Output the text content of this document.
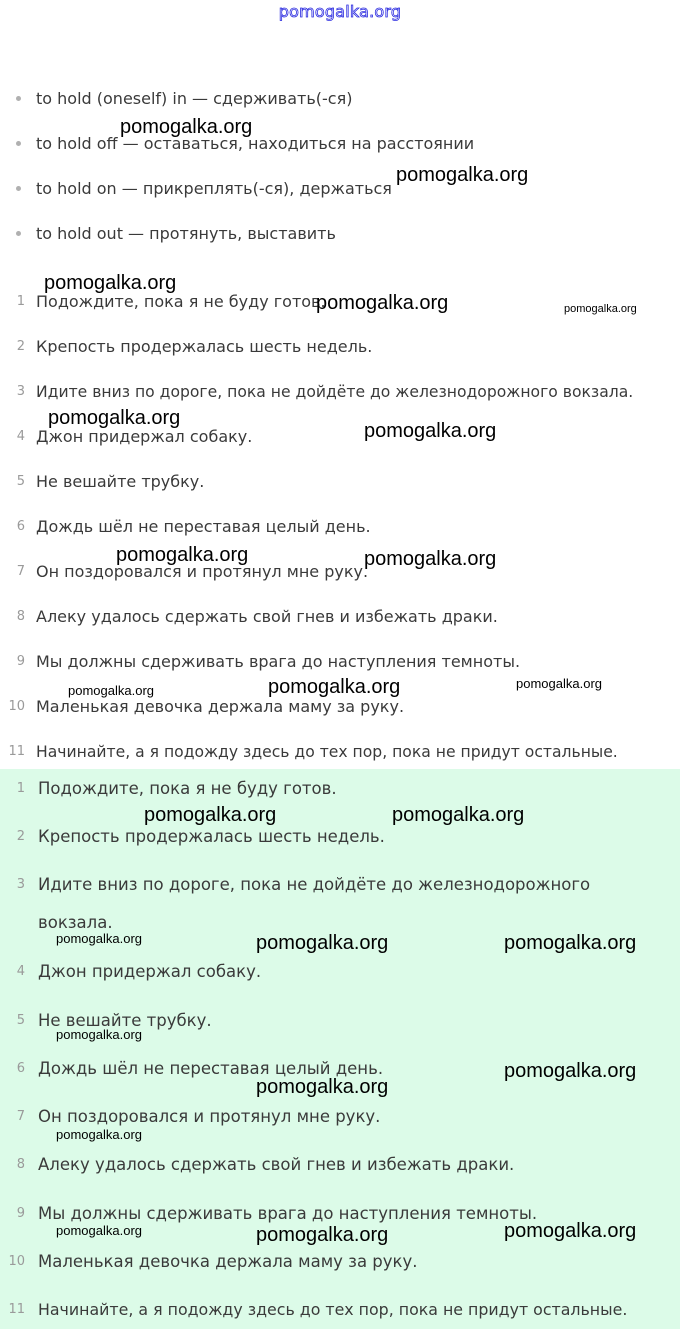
pomogalka.org
to hold (oneself) in — сдерживать(-ся)
to hold off — оставаться, находиться на расстоянии
to hold on — прикреплять(-ся), держаться
to hold out — протянуть, выставить
1 Подождите, пока я не буду готов.
2 Крепость продержалась шесть недель.
3 Идите вниз по дороге, пока не дойдёте до железнодорожного вокзала.
4 Джон придержал собаку.
5 Не вешайте трубку.
6 Дождь шёл не переставая целый день.
7 Он поздоровался и протянул мне руку.
8 Алеку удалось сдержать свой гнев и избежать драки.
9 Мы должны сдерживать врага до наступления темноты.
10 Маленькая девочка держала маму за руку.
11 Начинайте, а я подожду здесь до тех пор, пока не придут остальные.
1 Подождите, пока я не буду готов.
2 Крепость продержалась шесть недель.
3 Идите вниз по дороге, пока не дойдёте до железнодорожного вокзала.
4 Джон придержал собаку.
5 Не вешайте трубку.
6 Дождь шёл не переставая целый день.
7 Он поздоровался и протянул мне руку.
8 Алеку удалось сдержать свой гнев и избежать драки.
9 Мы должны сдерживать врага до наступления темноты.
10 Маленькая девочка держала маму за руку.
11 Начинайте, а я подожду здесь до тех пор, пока не придут остальные.
pomogalka.org
pomogalka.org
pomogalka.org
pomogalka.org	pomogalka.org
pomogalka.org
pomogalka.org
pomogalka.org	pomogalka.org
pomogalka.org	pomogalka.org	pomogalka.org
pomogalka.org	pomogalka.org
pomogalka.org	pomogalka.org	pomogalka.org
pomogalka.org
pomogalka.org
pomogalka.org
pomogalka.org
pomogalka.org	pomogalka.org	pomogalka.org
